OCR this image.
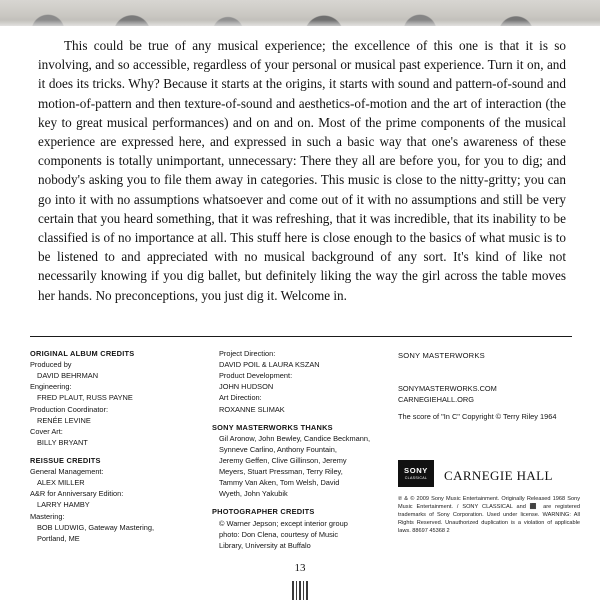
This could be true of any musical experience; the excellence of this one is that it is so involving, and so accessible, regardless of your personal or musical past experience. Turn it on, and it does its tricks. Why? Because it starts at the origins, it starts with sound and pattern-of-sound and motion-of-pattern and then texture-of-sound and aesthetics-of-motion and the art of interaction (the key to great musical performances) and on and on. Most of the prime components of the musical experience are expressed here, and expressed in such a basic way that one's awareness of these components is totally unimportant, unnecessary: There they all are before you, for you to dig; and nobody's asking you to file them away in categories. This music is close to the nitty-gritty; you can go into it with no assumptions whatsoever and come out of it with no assumptions and still be very certain that you heard something, that it was refreshing, that it was incredible, that its inability to be classified is of no importance at all. This stuff here is close enough to the basics of what music is to be listened to and appreciated with no musical background of any sort. It's kind of like not necessarily knowing if you dig ballet, but definitely liking the way the girl across the table moves her hands. No preconceptions, you just dig it. Welcome in.

ORIGINAL ALBUM CREDITS
Produced by
DAVID BEHRMAN
Engineering:
FRED PLAUT, RUSS PAYNE
Production Coordinator:
RENÉE LEVINE
Cover Art:
BILLY BRYANT
REISSUE CREDITS
General Management:
ALEX MILLER
A&R for Anniversary Edition:
LARRY HAMBY
Mastering:
BOB LUDWIG, Gateway Mastering,
Portland, ME
Project Direction:
DAVID POIL & LAURA KSZAN
Product Development:
JOHN HUDSON
Art Direction:
ROXANNE SLIMAK
SONY MASTERWORKS THANKS
Gil Aronow, John Bewley, Candice Beckmann,
Synneve Carlino, Anthony Fountain,
Jeremy Geffen, Clive Gillinson, Jeremy
Meyers, Stuart Pressman, Terry Riley,
Tammy Van Aken, Tom Welsh, David
Wyeth, John Yakubik
PHOTOGRAPHER CREDITS
© Warner Jepson; except interior group
photo: Don Clena, courtesy of Music
Library, University at Buffalo
SONY MASTERWORKS
SONYMASTERWORKS.COM
CARNEGIEHALL.ORG
The score of "In C" Copyright © Terry Riley 1964
SONY
CLASSICAL CARNEGIE HALL
℗ & © 2009 Sony Music Entertainment. Originally Released 1968 Sony Music Entertainment. / SONY CLASSICAL and ⬛ are registered trademarks of Sony Corporation. Used under license. WARNING: All Rights Reserved. Unauthorized duplication is a violation of applicable laws. 88697 45368 2
13
